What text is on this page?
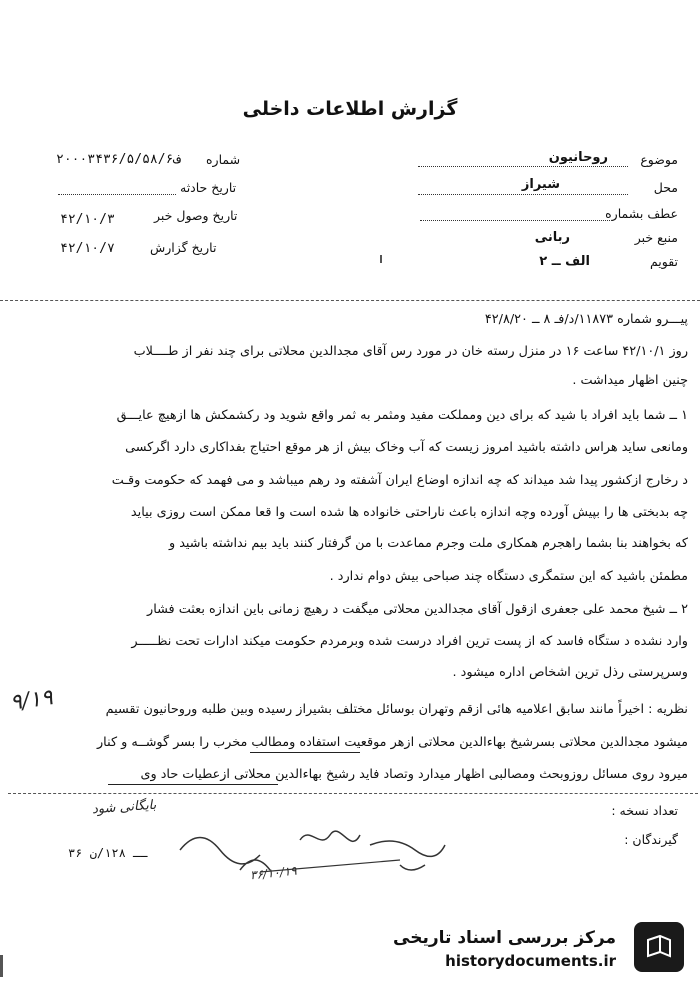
گزارش اطلاعات داخلی
موضوع
روحانیون
محل
شیراز
عطف بشماره
منبع خبر
ربانی
تقویم
الف ــ ۲
شماره
۲۰۰۰۳۴۳۶/۵/۵ف۸/۶
تاریخ حادثه
تاریخ وصول خبر
۴۲/۱۰/۳
تاریخ گزارش
۴۲/۱۰/۷
پیـــرو شماره ۱۱۸۷۳/د/فـ ۸ ــ ۴۲/۸/۲۰
روز ۴۲/۱۰/۱ ساعت ۱۶ در منزل رسته خان در مورد رس آقای مجدالدین محلاتی برای چند نفر از طــــلاب
چنین اظهار میداشت .
۱ ــ شما باید افراد با شید که برای دین ومملکت مفید ومثمر به ثمر واقع شوید ود رکشمکش ها ازهیچ عایـــق
ومانعی ساید هراس داشته باشید امروز زیست که آب وخاک بیش از هر موقع احتیاج بفداکاری دارد اگرکسی
د رخارج ازکشور پیدا شد میداند که چه اندازه اوضاع ایران آشفته ود رهم میباشد و می فهمد که حکومت وقـت
چه بدبختی ها را بپیش آورده وچه اندازه باعث ناراحتی خانواده ها شده است وا قعا ممکن است روزی بیاید
که بخواهند بنا بشما راهجرم همکاری ملت وجرم مماعدت با من گرفتار کنند باید بیم نداشته باشید و
مطمئن باشید که این ستمگری دستگاه چند صباحی بیش دوام ندارد .
۲ ــ شیخ محمد علی جعفری ازقول آقای مجدالدین محلاتی میگفت د رهیچ زمانی باین اندازه بعثت فشار
وارد نشده د ستگاه فاسد که از پست ترین افراد درست شده وبرمردم حکومت میکند ادارات تحت نظـــــر
وسرپرستی رذل ترین اشخاص اداره میشود .
نظریه : اخیراً مانند سابق اعلامیه هائی ازقم وتهران بوسائل مختلف بشیراز رسیده وبین طلبه وروحانیون تقسیم
میشود مجدالدین محلاتی بسرشیخ بهاءالدین محلاتی ازهر موقعیت استفاده ومطالب مخرب را بسر گوشــه و کنار
میرود روی مسائل روزوبحث ومصالبی اظهار میدارد وتصاد فاید رشیخ بهاءالدین محلاتی ازعطیات حاد وی
تعداد نسخه :
گیرندگان :
۳۶ ــ ۱۲۸/ن
بایگانی شود
۳۶/۱۰/۱۹
۹/۱۹
مرکز بررسی اسناد تاریخی
historydocuments.ir
